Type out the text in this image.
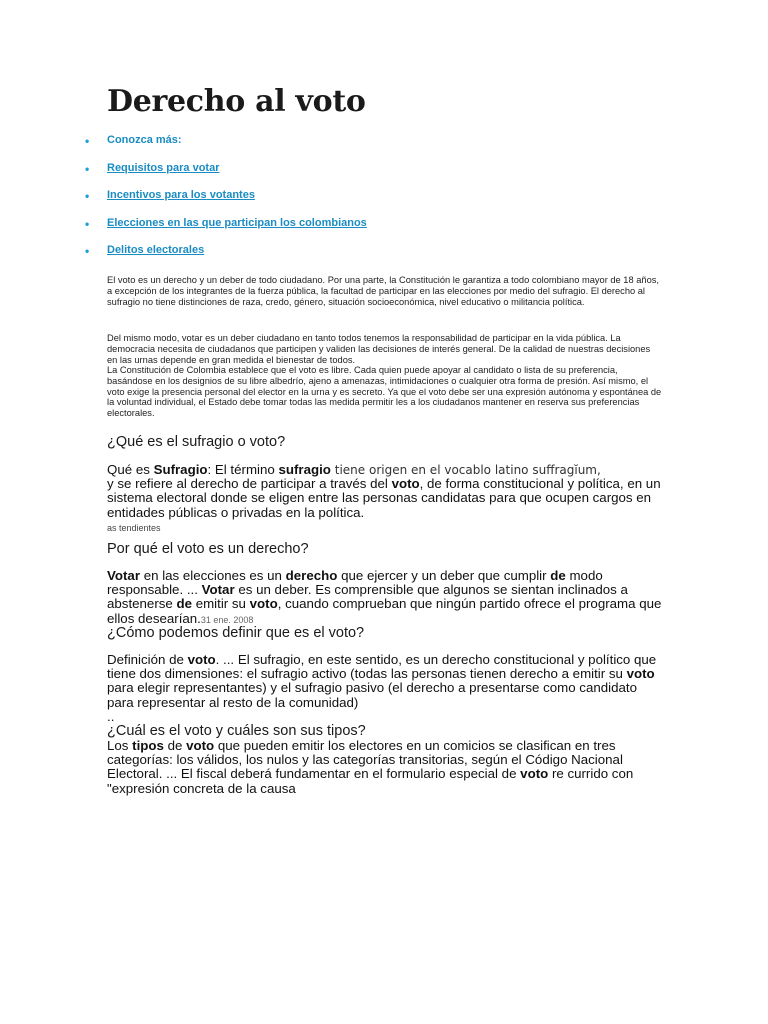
Derecho al voto
• Conozca más:
• Requisitos para votar
• Incentivos para los votantes
• Elecciones en las que participan los colombianos
• Delitos electorales

El voto es un derecho y un deber de todo ciudadano. Por una parte, la Constitución le garantiza a todo colombiano mayor de 18 años, a excepción de los integrantes de la fuerza pública, la facultad de participar en las elecciones por medio del sufragio. El derecho al sufragio no tiene distinciones de raza, credo, género, situación socioeconómica, nivel educativo o militancia política.

Del mismo modo, votar es un deber ciudadano en tanto todos tenemos la responsabilidad de participar en la vida pública. La democracia necesita de ciudadanos que participen y validen las decisiones de interés general. De la calidad de nuestras decisiones en las urnas depende en gran medida el bienestar de todos.

La Constitución de Colombia establece que el voto es libre. Cada quien puede apoyar al candidato o lista de su preferencia, basándose en los designios de su libre albedrío, ajeno a amenazas, intimidaciones o cualquier otra forma de presión. Así mismo, el voto exige la presencia personal del elector en la urna y es secreto. Ya que el voto debe ser una expresión autónoma y espontánea de la voluntad individual, el Estado debe tomar todas las medida permitir les a los ciudadanos mantener en reserva sus preferencias electorales.

¿Qué es el sufragio o voto?

Qué es Sufragio: El término sufragio tiene origen en el vocablo latino suffragĭum,
y se refiere al derecho de participar a través del voto, de forma constitucional y política, en un sistema electoral donde se eligen entre las personas candidatas para que ocupen cargos en entidades públicas o privadas en la política.
as tendientes

Por qué el voto es un derecho?

Votar en las elecciones es un derecho que ejercer y un deber que cumplir de modo responsable. ... Votar es un deber. Es comprensible que algunos se sientan inclinados a abstenerse de emitir su voto, cuando comprueban que ningún partido ofrece el programa que ellos desearían.31 ene. 2008

¿Cómo podemos definir que es el voto?

Definición de voto. ... El sufragio, en este sentido, es un derecho constitucional y político que tiene dos dimensiones: el sufragio activo (todas las personas tienen derecho a emitir su voto para elegir representantes) y el sufragio pasivo (el derecho a presentarse como candidato para representar al resto de la comunidad)
..

¿Cuál es el voto y cuáles son sus tipos?

Los tipos de voto que pueden emitir los electores en un comicios se clasifican en tres categorías: los válidos, los nulos y las categorías transitorias, según el Código Nacional Electoral. ... El fiscal deberá fundamentar en el formulario especial de voto re currido con "expresión concreta de la causa
